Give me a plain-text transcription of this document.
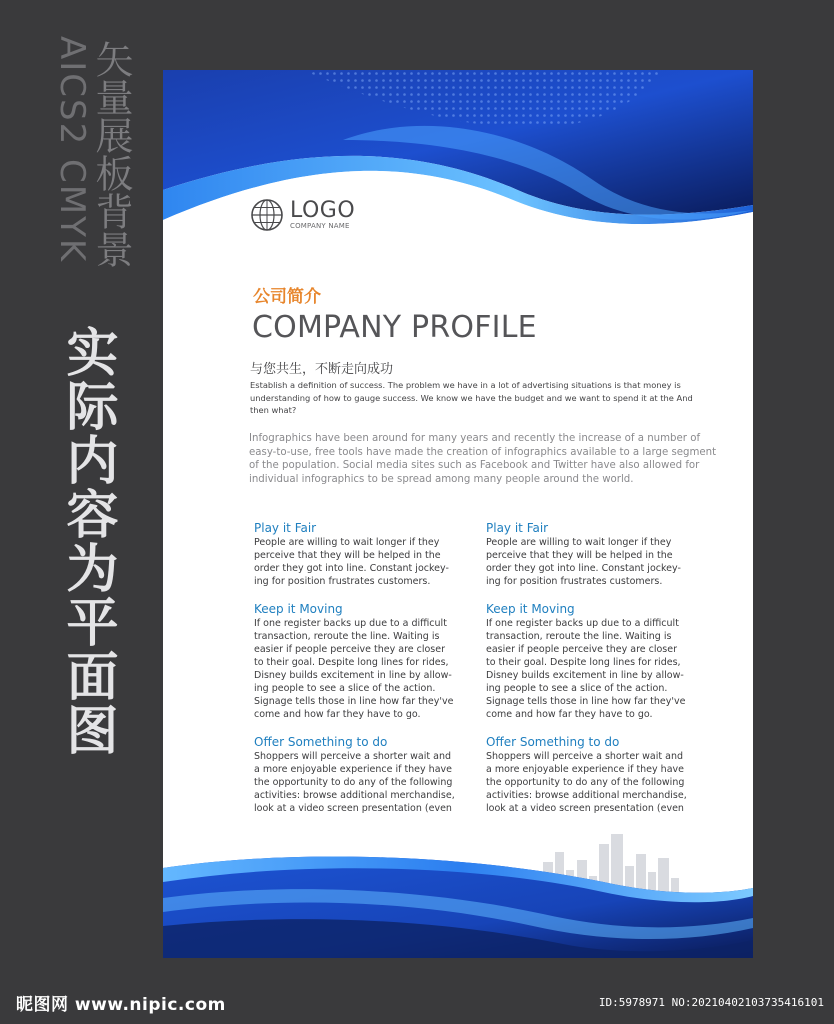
AICS2 CMYK
矢量展板背景
实际内容为平面图
LOGO
COMPANY NAME
公司简介
COMPANY PROFILE
与您共生，不断走向成功
Establish a definition of success. The problem we have in a lot of advertising situations is that money is understanding of how to gauge success. We know we have the budget and we want to spend it at the And then what?
Infographics have been around for many years and recently the increase of a number of easy-to-use, free tools have made the creation of infographics available to a large segment of the population. Social media sites such as Facebook and Twitter have also allowed for individual infographics to be spread among many people around the world.
Play it Fair

People are willing to wait longer if they
perceive that they will be helped in the
order they got into line. Constant jockey-
ing for position frustrates customers.

Keep it Moving

If one register backs up due to a difficult
transaction, reroute the line. Waiting is
easier if people perceive they are closer
to their goal. Despite long lines for rides,
Disney builds excitement in line by allow-
ing people to see a slice of the action.
Signage tells those in line how far they've
come and how far they have to go.

Offer Something to do

Shoppers will perceive a shorter wait and
a more enjoyable experience if they have
the opportunity to do any of the following
activities: browse additional merchandise,
look at a video screen presentation (even

Play it Fair

People are willing to wait longer if they
perceive that they will be helped in the
order they got into line. Constant jockey-
ing for position frustrates customers.

Keep it Moving

If one register backs up due to a difficult
transaction, reroute the line. Waiting is
easier if people perceive they are closer
to their goal. Despite long lines for rides,
Disney builds excitement in line by allow-
ing people to see a slice of the action.
Signage tells those in line how far they've
come and how far they have to go.

Offer Something to do

Shoppers will perceive a shorter wait and
a more enjoyable experience if they have
the opportunity to do any of the following
activities: browse additional merchandise,
look at a video screen presentation (even

昵图网 www.nipic.com	ID:5978971 NO:20210402103735416101
